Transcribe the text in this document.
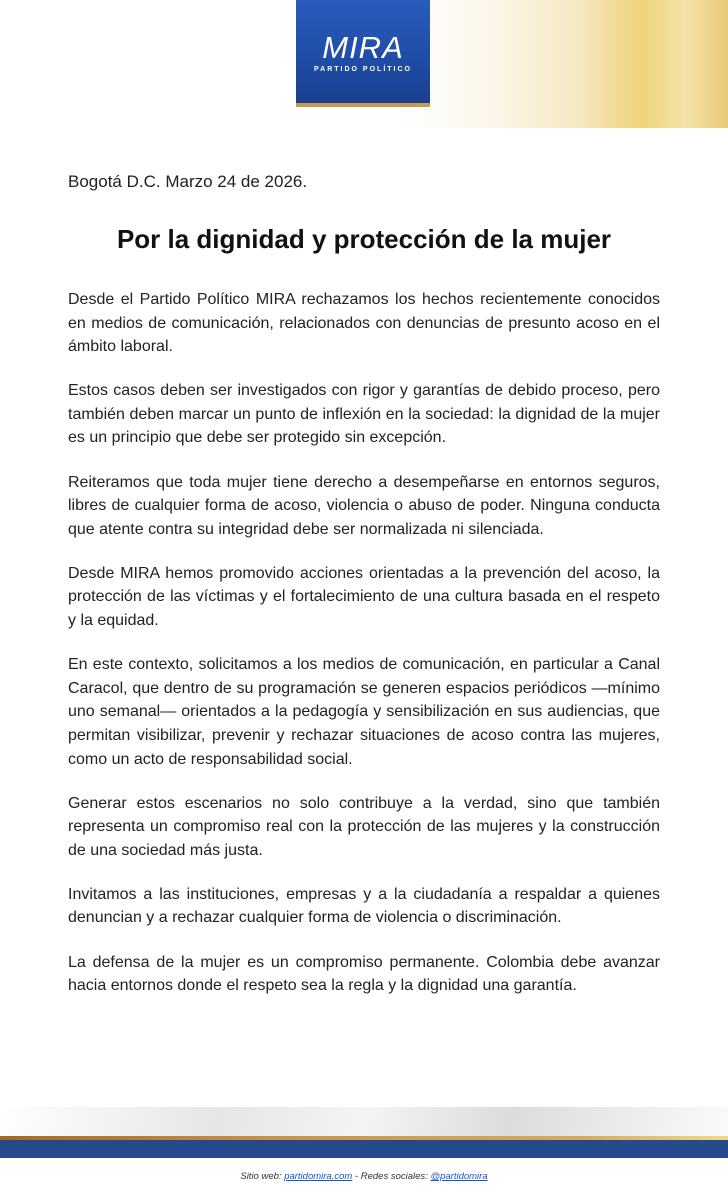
MIRA
PARTIDO POLÍTICO
Bogotá D.C. Marzo 24 de 2026.
Por la dignidad y protección de la mujer

Desde el Partido Político MIRA rechazamos los hechos recientemente conocidos en medios de comunicación, relacionados con denuncias de presunto acoso en el ámbito laboral.

Estos casos deben ser investigados con rigor y garantías de debido proceso, pero también deben marcar un punto de inflexión en la sociedad: la dignidad de la mujer es un principio que debe ser protegido sin excepción.

Reiteramos que toda mujer tiene derecho a desempeñarse en entornos seguros, libres de cualquier forma de acoso, violencia o abuso de poder. Ninguna conducta que atente contra su integridad debe ser normalizada ni silenciada.

Desde MIRA hemos promovido acciones orientadas a la prevención del acoso, la protección de las víctimas y el fortalecimiento de una cultura basada en el respeto y la equidad.

En este contexto, solicitamos a los medios de comunicación, en particular a Canal Caracol, que dentro de su programación se generen espacios periódicos —mínimo uno semanal— orientados a la pedagogía y sensibilización en sus audiencias, que permitan visibilizar, prevenir y rechazar situaciones de acoso contra las mujeres, como un acto de responsabilidad social.

Generar estos escenarios no solo contribuye a la verdad, sino que también representa un compromiso real con la protección de las mujeres y la construcción de una sociedad más justa.

Invitamos a las instituciones, empresas y a la ciudadanía a respaldar a quienes denuncian y a rechazar cualquier forma de violencia o discriminación.

La defensa de la mujer es un compromiso permanente. Colombia debe avanzar hacia entornos donde el respeto sea la regla y la dignidad una garantía.

Sitio web: partidomira.com - Redes sociales: @partidomira
